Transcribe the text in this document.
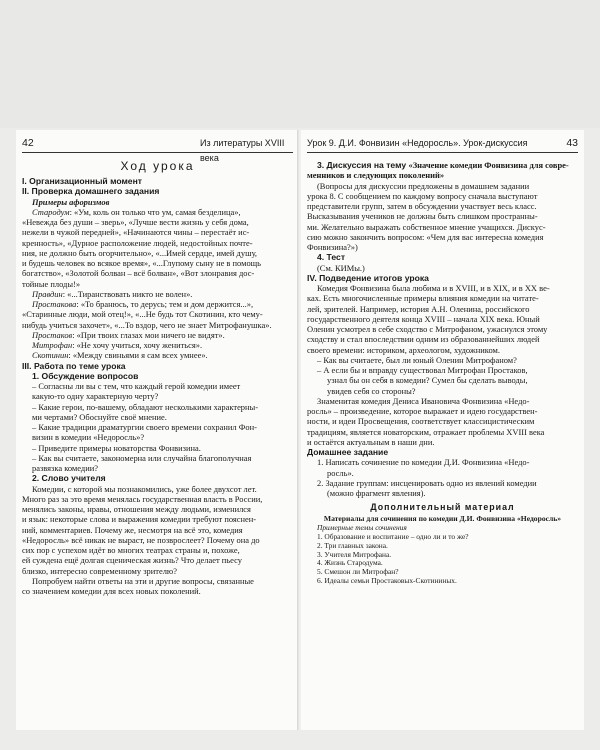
42	Из литературы XVIII века
Ход урока
I. Организационный момент
II. Проверка домашнего задания
Примеры афоризмов

Стародум: «Ум, коль он только что ум, самая безделица»,

«Невежда без души – зверь», «Лучше вести жизнь у себя дома,

нежели в чужой передней», «Начинаются чины – перестаёт ис-

кренность», «Дурное расположение людей, недостойных почте-

ния, не должно быть огорчительно», «...Имей сердце, имей душу,

и будешь человек во всякое время», «...Глупому сыну не в помощь

богатство», «Золотой болван – всё болван», «Вот злонравия дос-

тойные плоды!»

Правдин: «...Тиранствовать никто не волен».

Простакова: «То бранюсь, то дерусь; тем и дом держится...»,

«Старинные люди, мой отец!», «...Не будь тот Скотинин, кто чему-

нибудь учиться захочет», «...То вздор, чего не знает Митрофанушка».

Простаков: «При твоих глазах мои ничего не видят».

Митрофан: «Не хочу учиться, хочу жениться».

Скотинин: «Между свиньями я сам всех умнее».

III. Работа по теме урока
1. Обсуждение вопросов

– Согласны ли вы с тем, что каждый герой комедии имеет

какую-то одну характерную черту?

– Какие герои, по-вашему, обладают несколькими характерны-

ми чертами? Обоснуйте своё мнение.

– Какие традиции драматургии своего времени сохранил Фон-

визин в комедии «Недоросль»?

– Приведите примеры новаторства Фонвизина.

– Как вы считаете, закономерна или случайна благополучная

развязка комедии?

2. Слово учителя

Комедии, с которой мы познакомились, уже более двухсот лет.

Много раз за это время менялась государственная власть в России,

менялись законы, нравы, отношения между людьми, изменился

и язык: некоторые слова и выражения комедии требуют пояснен-

ний, комментариев. Почему же, несмотря на всё это, комедия

«Недоросль» всё никак не выраст, не позврослеет? Почему она до

сих пор с успехом идёт во многих театрах страны и, похоже,

ей суждена ещё долгая сценическая жизнь? Что делает пьесу

близко, интересно современному зрителю?

Попробуем найти ответы на эти и другие вопросы, связанные

со значением комедии для всех новых поколений.

Урок 9. Д.И. Фонвизин «Недоросль». Урок-дискуссия	43

3. Дискуссия на тему «Значение комедии Фонвизина для совре-

менников и следующих поколений»

(Вопросы для дискуссии предложены в домашнем задании

урока 8. С сообщением по каждому вопросу сначала выступают

представители групп, затем в обсуждении участвует весь класс.

Высказывания учеников не должны быть слишком пространны-

ми. Желательно выражать собственное мнение учащихся. Дискус-

сию можно закончить вопросом: «Чем для вас интересна комедия

Фонвизина?»)

4. Тест

(См. КИМы.)

IV. Подведение итогов урока

Комедия Фонвизина была любима и в XVIII, и в XIX, и в XX ве-

ках. Есть многочисленные примеры влияния комедии на читате-

лей, зрителей. Например, история А.Н. Оленина, российского

государственного деятеля конца XVIII – начала XIX века. Юный

Оленин усмотрел в себе сходство с Митрофаном, ужаснулся этому

сходству и стал впоследствии одним из образованнейших людей

своего времени: историком, археологом, художником.

– Как вы считаете, был ли юный Оленин Митрофаном?

– А если бы и вправду существовал Митрофан Простаков,

узнал бы он себя в комедии? Сумел бы сделать выводы,

увидев себя со стороны?

Знаменитая комедия Дениса Ивановича Фонвизина «Недо-

росль» – произведение, которое выражает и идею государствен-

ности, и идеи Просвещения, соответствует классицистическим

традициям, является новаторским, отражает проблемы XVIII века

и остаётся актуальным в наши дни.

Домашнее задание

1. Написать сочинение по комедии Д.И. Фонвизина «Недо-

росль».

2. Задание группам: инсценировать одно из явлений комедии

(можно фрагмент явления).

Дополнительный материал
Материалы для сочинения по комедии Д.И. Фонвизина «Недоросль»
Примерные темы сочинения
1. Образование и воспитание – одно ли и то же?
2. Три главных закона.
3. Учителя Митрофана.
4. Жизнь Стародума.
5. Смешон ли Митрофан?
6. Идеалы семьи Простаковых-Скотининых.
